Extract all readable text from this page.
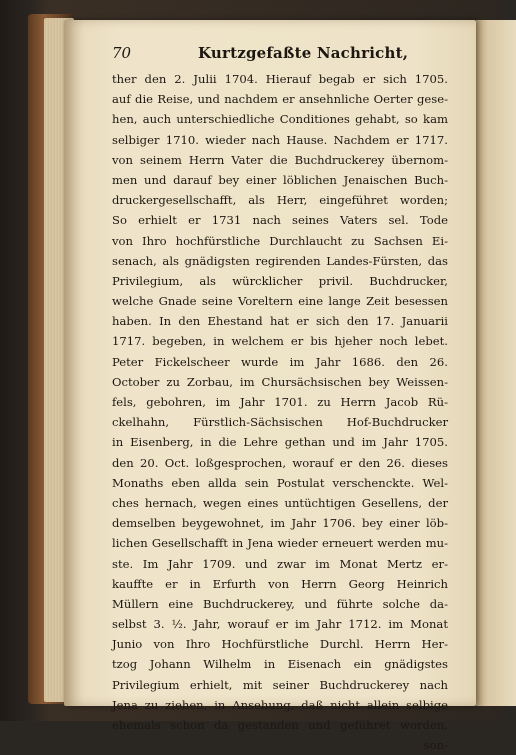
70	Kurtzgefaßte Nachricht,
ther den 2. Julii 1704. Hierauf begab er sich 1705.
auf die Reise, und nachdem er ansehnliche Oerter gese-
hen, auch unterschiedliche Conditiones gehabt, so kam
selbiger 1710. wieder nach Hause. Nachdem er 1717.
von seinem Herrn Vater die Buchdruckerey übernom-
men und darauf bey einer löblichen Jenaischen Buch-
druckergesellschafft, als Herr, eingeführet worden;
So erhielt er 1731 nach seines Vaters sel. Tode
von Ihro hochfürstliche Durchlaucht zu Sachsen Ei-
senach, als gnädigsten regirenden Landes-Fürsten, das
Privilegium, als würcklicher privil. Buchdrucker,
welche Gnade seine Voreltern eine lange Zeit besessen
haben. In den Ehestand hat er sich den 17. Januarii
1717. begeben, in welchem er bis hjeher noch lebet.
Peter Fickelscheer wurde im Jahr 1686. den 26.
October zu Zorbau, im Chursächsischen bey Weissen-
fels, gebohren, im Jahr 1701. zu Herrn Jacob Rü-
ckelhahn, Fürstlich-Sächsischen Hof-Buchdrucker
in Eisenberg, in die Lehre gethan und im Jahr 1705.
den 20. Oct. loßgesprochen, worauf er den 26. dieses
Monaths eben allda sein Postulat verschenckte. Wel-
ches hernach, wegen eines untüchtigen Gesellens, der
demselben beygewohnet, im Jahr 1706. bey einer löb-
lichen Gesellschafft in Jena wieder erneuert werden mu-
ste. Im Jahr 1709. und zwar im Monat Mertz er-
kauffte er in Erfurth von Herrn Georg Heinrich
Müllern eine Buchdruckerey, und führte solche da-
selbst 3. ½. Jahr, worauf er im Jahr 1712. im Monat
Junio von Ihro Hochfürstliche Durchl. Herrn Her-
tzog Johann Wilhelm in Eisenach ein gnädigstes
Privilegium erhielt, mit seiner Buchdruckerey nach
Jena zu ziehen, in Ansehung, daß nicht allein selbige
ehemals schon da gestanden und geführet worden,
son-
